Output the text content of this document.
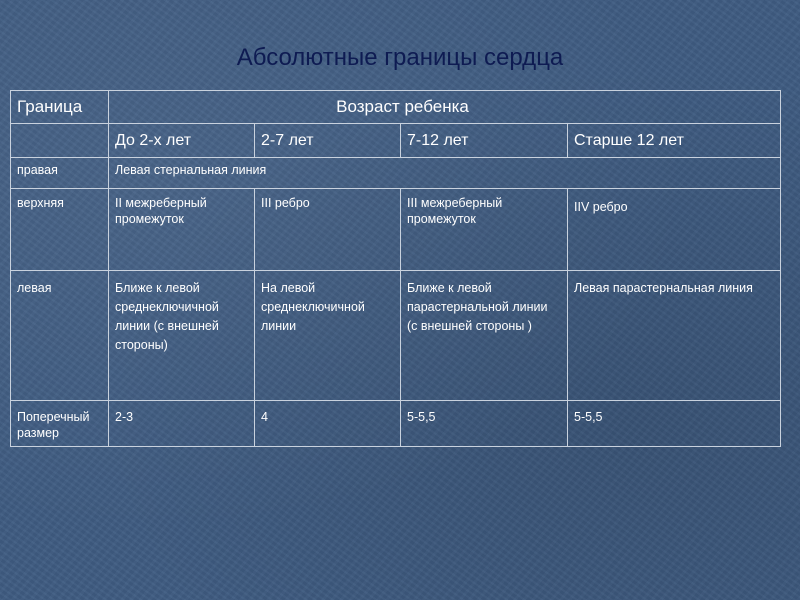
Абсолютные границы сердца
Граница	Возраст ребенка			

	До 2-х лет	2-7 лет	7-12 лет	Старше 12 лет

правая	Левая стернальная линия			

верхняя	II межреберный промежуток	III ребро	III межреберный промежуток	IIV ребро

левая	Ближе к левой среднеключичной линии (с внешней стороны)	На левой среднеключичной линии	Ближе к левой парастернальной линии (с внешней стороны )	Левая парастернальная линия

Поперечный размер	2-3	4	5-5,5	5-5,5
